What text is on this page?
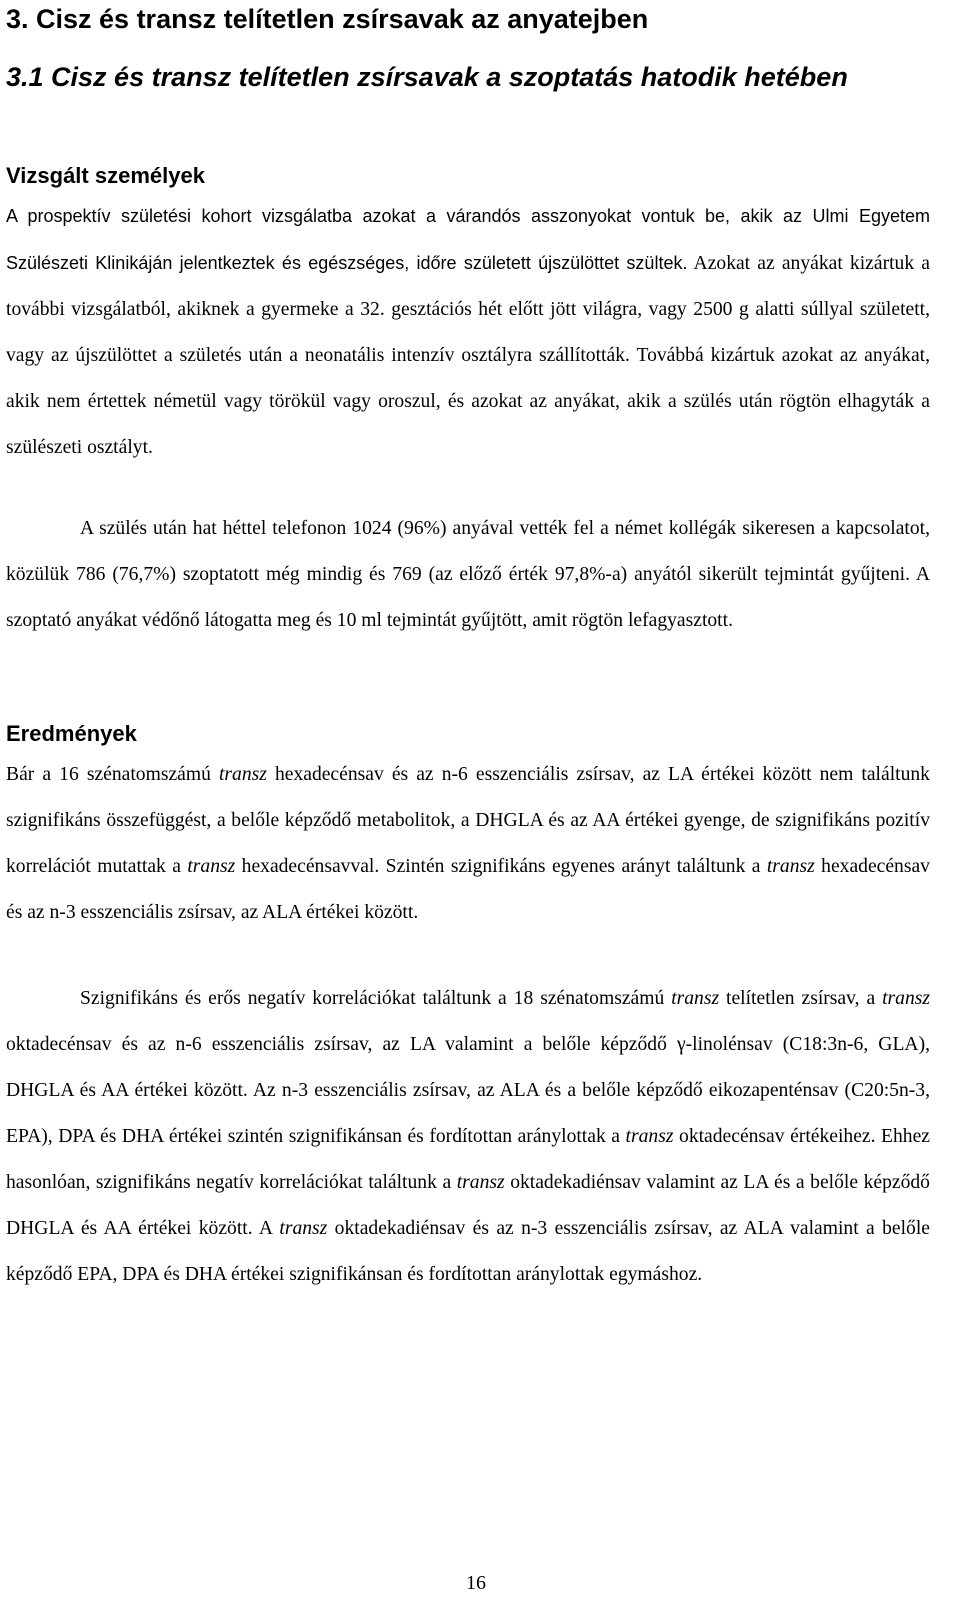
3. Cisz és transz telítetlen zsírsavak az anyatejben
3.1 Cisz és transz telítetlen zsírsavak a szoptatás hatodik hetében
Vizsgált személyek

A prospektív születési kohort vizsgálatba azokat a várandós asszonyokat vontuk be, akik az Ulmi Egyetem Szülészeti Klinikáján jelentkeztek és egészséges, időre született újszülöttet szültek. Azokat az anyákat kizártuk a további vizsgálatból, akiknek a gyermeke a 32. gesztációs hét előtt jött világra, vagy 2500 g alatti súllyal született, vagy az újszülöttet a születés után a neonatális intenzív osztályra szállították. Továbbá kizártuk azokat az anyákat, akik nem értettek németül vagy törökül vagy oroszul, és azokat az anyákat, akik a szülés után rögtön elhagyták a szülészeti osztályt.

A szülés után hat héttel telefonon 1024 (96%) anyával vették fel a német kollégák sikeresen a kapcsolatot, közülük 786 (76,7%) szoptatott még mindig és 769 (az előző érték 97,8%-a) anyától sikerült tejmintát gyűjteni. A szoptató anyákat védőnő látogatta meg és 10 ml tejmintát gyűjtött, amit rögtön lefagyasztott.

Eredmények

Bár a 16 szénatomszámú transz hexadecénsav és az n-6 esszenciális zsírsav, az LA értékei között nem találtunk szignifikáns összefüggést, a belőle képződő metabolitok, a DHGLA és az AA értékei gyenge, de szignifikáns pozitív korrelációt mutattak a transz hexadecénsavval. Szintén szignifikáns egyenes arányt találtunk a transz hexadecénsav és az n-3 esszenciális zsírsav, az ALA értékei között.

Szignifikáns és erős negatív korrelációkat találtunk a 18 szénatomszámú transz telítetlen zsírsav, a transz oktadecénsav és az n-6 esszenciális zsírsav, az LA valamint a belőle képződő γ-linolénsav (C18:3n-6, GLA), DHGLA és AA értékei között. Az n-3 esszenciális zsírsav, az ALA és a belőle képződő eikozapenténsav (C20:5n-3, EPA), DPA és DHA értékei szintén szignifikánsan és fordítottan aránylottak a transz oktadecénsav értékeihez. Ehhez hasonlóan, szignifikáns negatív korrelációkat találtunk a transz oktadekadiénsav valamint az LA és a belőle képződő DHGLA és AA értékei között. A transz oktadekadiénsav és az n-3 esszenciális zsírsav, az ALA valamint a belőle képződő EPA, DPA és DHA értékei szignifikánsan és fordítottan aránylottak egymáshoz.

16
